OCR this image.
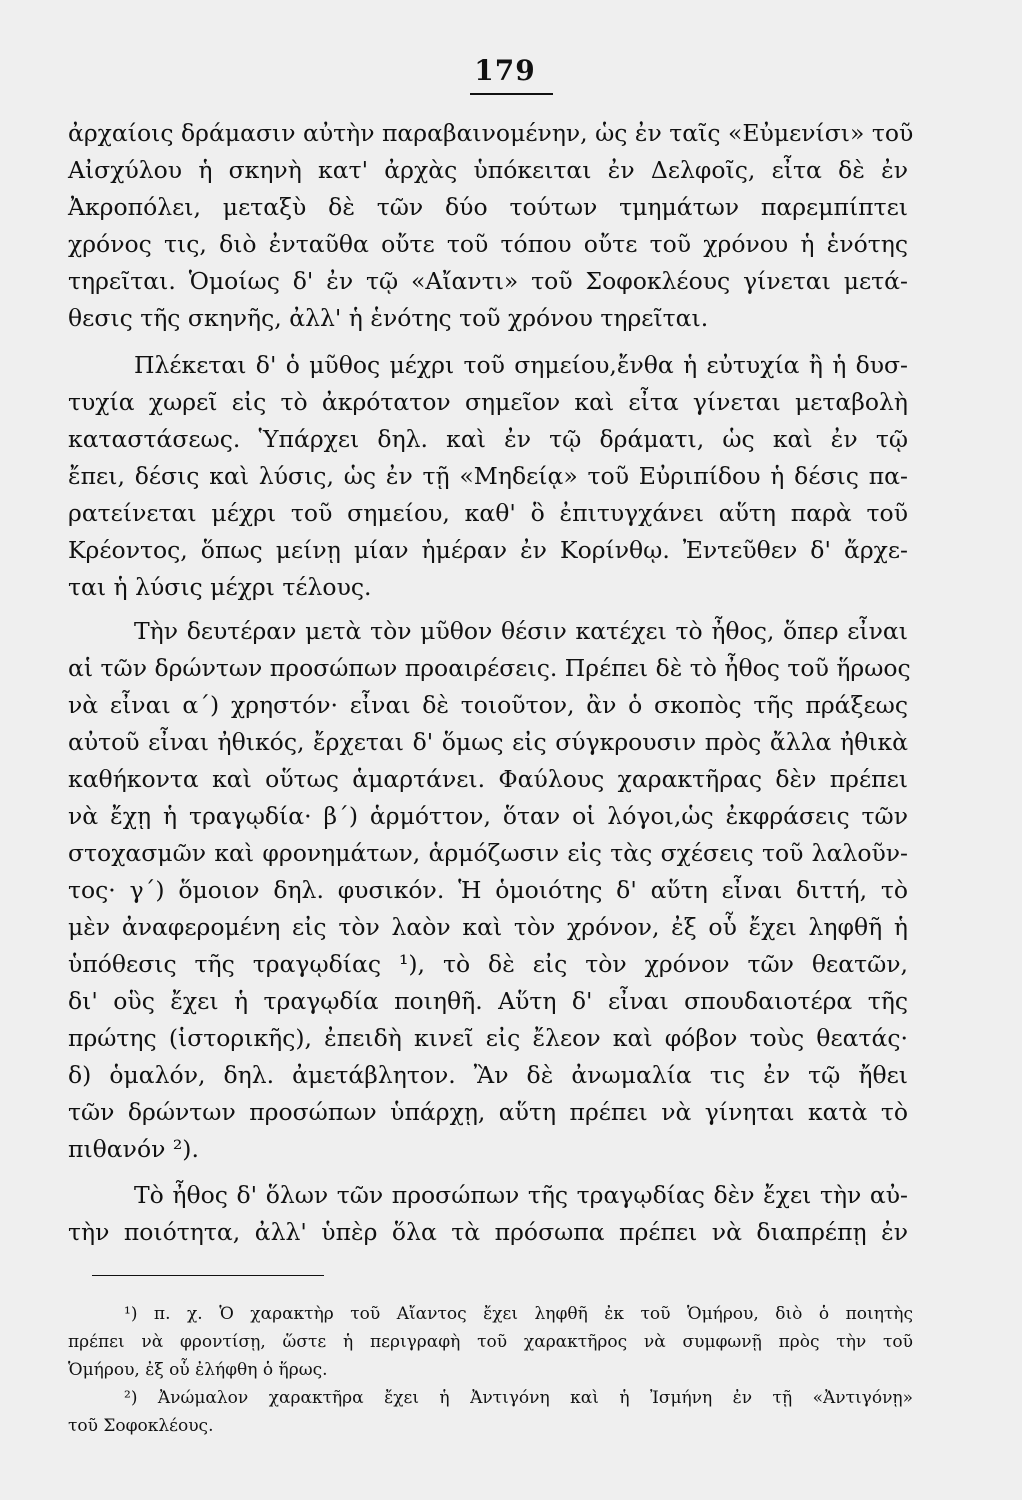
179
ἀρχαίοις δράμασιν αὐτὴν παραβαινομένην, ὡς ἐν ταῖς «Εὐμενίσι» τοῦ
Αἰσχύλου ἡ σκηνὴ κατ' ἀρχὰς ὑπόκειται ἐν Δελφοῖς, εἶτα δὲ ἐν
Ἀκροπόλει, μεταξὺ δὲ τῶν δύο τούτων τμημάτων παρεμπίπτει
χρόνος τις, διὸ ἐνταῦθα οὔτε τοῦ τόπου οὔτε τοῦ χρόνου ἡ ἑνότης
τηρεῖται. Ὁμοίως δ' ἐν τῷ «Αἴαντι» τοῦ Σοφοκλέους γίνεται μετά-
θεσις τῆς σκηνῆς, ἀλλ' ἡ ἑνότης τοῦ χρόνου τηρεῖται.
Πλέκεται δ' ὁ μῦθος μέχρι τοῦ σημείου,ἔνθα ἡ εὐτυχία ἢ ἡ δυσ-
τυχία χωρεῖ εἰς τὸ ἀκρότατον σημεῖον καὶ εἶτα γίνεται μεταβολὴ
καταστάσεως. Ὑπάρχει δηλ. καὶ ἐν τῷ δράματι, ὡς καὶ ἐν τῷ
ἔπει, δέσις καὶ λύσις, ὡς ἐν τῇ «Μηδείᾳ» τοῦ Εὐριπίδου ἡ δέσις πα-
ρατείνεται μέχρι τοῦ σημείου, καθ' ὃ ἐπιτυγχάνει αὕτη παρὰ τοῦ
Κρέοντος, ὅπως μείνῃ μίαν ἡμέραν ἐν Κορίνθῳ. Ἐντεῦθεν δ' ἄρχε-
ται ἡ λύσις μέχρι τέλους.
Τὴν δευτέραν μετὰ τὸν μῦθον θέσιν κατέχει τὸ ἦθος, ὅπερ εἶναι
αἱ τῶν δρώντων προσώπων προαιρέσεις. Πρέπει δὲ τὸ ἦθος τοῦ ἥρωος
νὰ εἶναι α΄) χρηστόν· εἶναι δὲ τοιοῦτον, ἂν ὁ σκοπὸς τῆς πράξεως
αὐτοῦ εἶναι ἠθικός, ἔρχεται δ' ὅμως εἰς σύγκρουσιν πρὸς ἄλλα ἠθικὰ
καθήκοντα καὶ οὕτως ἁμαρτάνει. Φαύλους χαρακτῆρας δὲν πρέπει
νὰ ἔχῃ ἡ τραγῳδία· β΄) ἁρμόττον, ὅταν οἱ λόγοι,ὡς ἐκφράσεις τῶν
στοχασμῶν καὶ φρονημάτων, ἁρμόζωσιν εἰς τὰς σχέσεις τοῦ λαλοῦν-
τος· γ΄) ὅμοιον δηλ. φυσικόν. Ἡ ὁμοιότης δ' αὕτη εἶναι διττή, τὸ
μὲν ἀναφερομένη εἰς τὸν λαὸν καὶ τὸν χρόνον, ἐξ οὗ ἔχει ληφθῆ ἡ
ὑπόθεσις τῆς τραγῳδίας ¹), τὸ δὲ εἰς τὸν χρόνον τῶν θεατῶν,
δι' οὓς ἔχει ἡ τραγῳδία ποιηθῆ. Αὕτη δ' εἶναι σπουδαιοτέρα τῆς
πρώτης (ἱστορικῆς), ἐπειδὴ κινεῖ εἰς ἔλεον καὶ φόβον τοὺς θεατάς·
δ) ὁμαλόν, δηλ. ἀμετάβλητον. Ἂν δὲ ἀνωμαλία τις ἐν τῷ ἤθει
τῶν δρώντων προσώπων ὑπάρχῃ, αὕτη πρέπει νὰ γίνηται κατὰ τὸ
πιθανόν ²).
Τὸ ἦθος δ' ὅλων τῶν προσώπων τῆς τραγῳδίας δὲν ἔχει τὴν αὐ-
τὴν ποιότητα, ἀλλ' ὑπὲρ ὅλα τὰ πρόσωπα πρέπει νὰ διαπρέπῃ ἐν
¹) π. χ. Ὁ χαρακτὴρ τοῦ Αἴαντος ἔχει ληφθῆ ἐκ τοῦ Ὁμήρου, διὸ ὁ ποιητὴς
πρέπει νὰ φροντίσῃ, ὥστε ἡ περιγραφὴ τοῦ χαρακτῆρος νὰ συμφωνῇ πρὸς τὴν τοῦ
Ὁμήρου, ἐξ οὗ ἐλήφθη ὁ ἥρως.
²) Ἀνώμαλον χαρακτῆρα ἔχει ἡ Ἀντιγόνη καὶ ἡ Ἰσμήνη ἐν τῇ «Ἀντιγόνῃ»
τοῦ Σοφοκλέους.
